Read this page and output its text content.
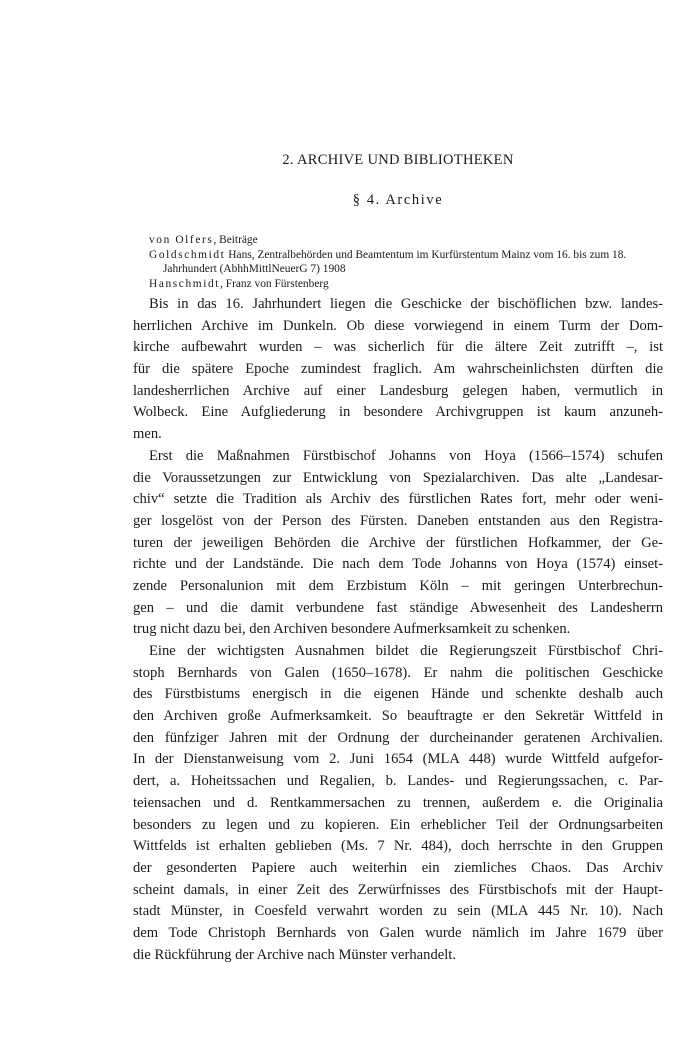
2. ARCHIVE UND BIBLIOTHEKEN
§ 4. Archive
von Olfers, Beiträge
Goldschmidt Hans, Zentralbehörden und Beamtentum im Kurfürstentum Mainz vom 16. bis zum 18. Jahrhundert (AbhhMittlNeuerG 7) 1908
Hanschmidt, Franz von Fürstenberg
Bis in das 16. Jahrhundert liegen die Geschicke der bischöflichen bzw. landes-
herrlichen Archive im Dunkeln. Ob diese vorwiegend in einem Turm der Dom-
kirche aufbewahrt wurden – was sicherlich für die ältere Zeit zutrifft –, ist
für die spätere Epoche zumindest fraglich. Am wahrscheinlichsten dürften die
landesherrlichen Archive auf einer Landesburg gelegen haben, vermutlich in
Wolbeck. Eine Aufgliederung in besondere Archivgruppen ist kaum anzuneh-
men.
Erst die Maßnahmen Fürstbischof Johanns von Hoya (1566–1574) schufen
die Voraussetzungen zur Entwicklung von Spezialarchiven. Das alte „Landesar-
chiv“ setzte die Tradition als Archiv des fürstlichen Rates fort, mehr oder weni-
ger losgelöst von der Person des Fürsten. Daneben entstanden aus den Registra-
turen der jeweiligen Behörden die Archive der fürstlichen Hofkammer, der Ge-
richte und der Landstände. Die nach dem Tode Johanns von Hoya (1574) einset-
zende Personalunion mit dem Erzbistum Köln – mit geringen Unterbrechun-
gen – und die damit verbundene fast ständige Abwesenheit des Landesherrn
trug nicht dazu bei, den Archiven besondere Aufmerksamkeit zu schenken.
Eine der wichtigsten Ausnahmen bildet die Regierungszeit Fürstbischof Chri-
stoph Bernhards von Galen (1650–1678). Er nahm die politischen Geschicke
des Fürstbistums energisch in die eigenen Hände und schenkte deshalb auch
den Archiven große Aufmerksamkeit. So beauftragte er den Sekretär Wittfeld in
den fünfziger Jahren mit der Ordnung der durcheinander geratenen Archivalien.
In der Dienstanweisung vom 2. Juni 1654 (MLA 448) wurde Wittfeld aufgefor-
dert, a. Hoheitssachen und Regalien, b. Landes- und Regierungssachen, c. Par-
teiensachen und d. Rentkammersachen zu trennen, außerdem e. die Originalia
besonders zu legen und zu kopieren. Ein erheblicher Teil der Ordnungsarbeiten
Wittfelds ist erhalten geblieben (Ms. 7 Nr. 484), doch herrschte in den Gruppen
der gesonderten Papiere auch weiterhin ein ziemliches Chaos. Das Archiv
scheint damals, in einer Zeit des Zerwürfnisses des Fürstbischofs mit der Haupt-
stadt Münster, in Coesfeld verwahrt worden zu sein (MLA 445 Nr. 10). Nach
dem Tode Christoph Bernhards von Galen wurde nämlich im Jahre 1679 über
die Rückführung der Archive nach Münster verhandelt.
